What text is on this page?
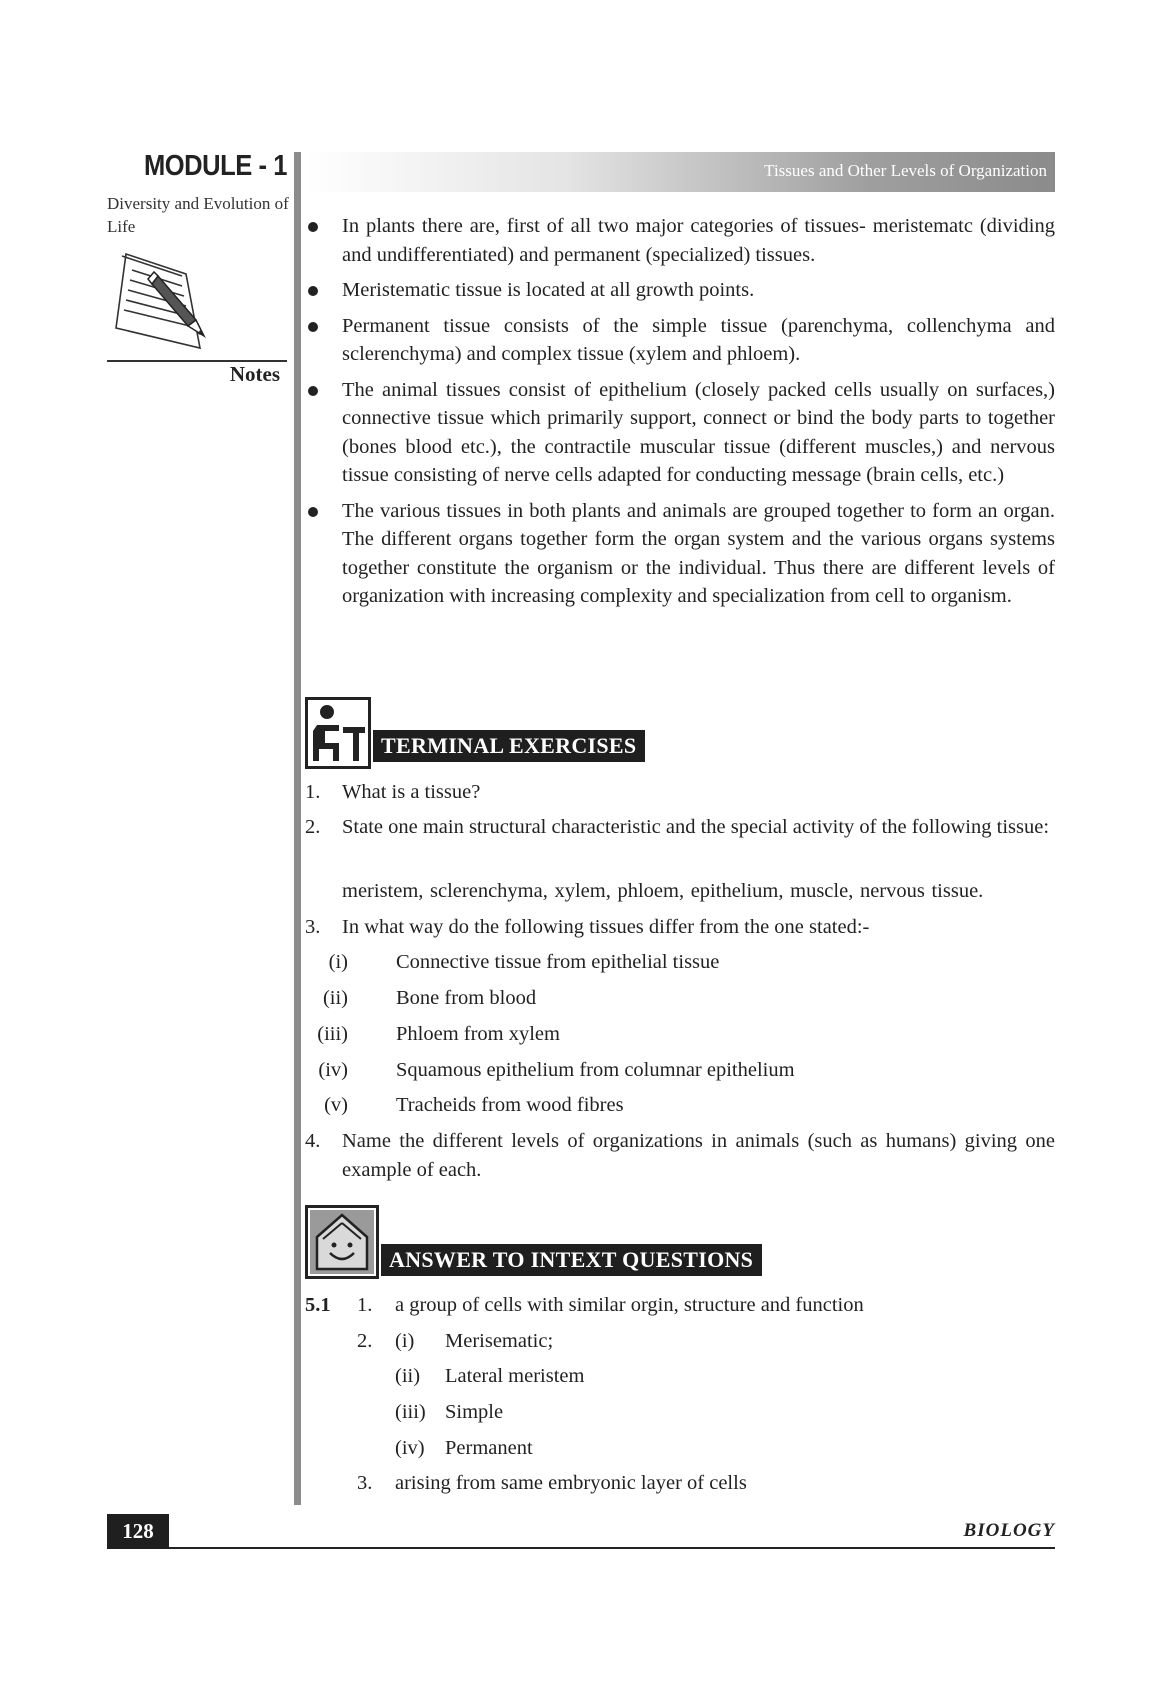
MODULE - 1
Diversity and Evolution of Life
Notes
Tissues and Other Levels of Organization
In plants there are, first of all two major categories of tissues- meristematc (dividing and undifferentiated) and permanent (specialized) tissues.
Meristematic tissue is located at all growth points.
Permanent tissue consists of the simple tissue (parenchyma, collenchyma and sclerenchyma) and complex tissue (xylem and phloem).
The animal tissues consist of epithelium (closely packed cells usually on surfaces,) connective tissue which primarily support, connect or bind the body parts to together (bones blood etc.), the contractile muscular tissue (different muscles,) and nervous tissue consisting of nerve cells adapted for conducting message (brain cells, etc.)
The various tissues in both plants and animals are grouped together to form an organ. The different organs together form the organ system and the various organs systems together constitute the organism or the individual. Thus there are different levels of organization with increasing complexity and specialization from cell to organism.
TERMINAL EXERCISES
1. What is a tissue?
2. State one main structural characteristic and the special activity of the following tissue:
meristem, sclerenchyma, xylem, phloem, epithelium, muscle, nervous tissue.
3. In what way do the following tissues differ from the one stated:-
(i) Connective tissue from epithelial tissue
(ii) Bone from blood
(iii) Phloem from xylem
(iv) Squamous epithelium from columnar epithelium
(v) Tracheids from wood fibres
4. Name the different levels of organizations in animals (such as humans) giving one example of each.
ANSWER TO INTEXT QUESTIONS
5.1 1. a group of cells with similar orgin, structure and function
2. (i) Merisematic;
(ii) Lateral meristem
(iii) Simple
(iv) Permanent
3. arising from same embryonic layer of cells
128	BIOLOGY
